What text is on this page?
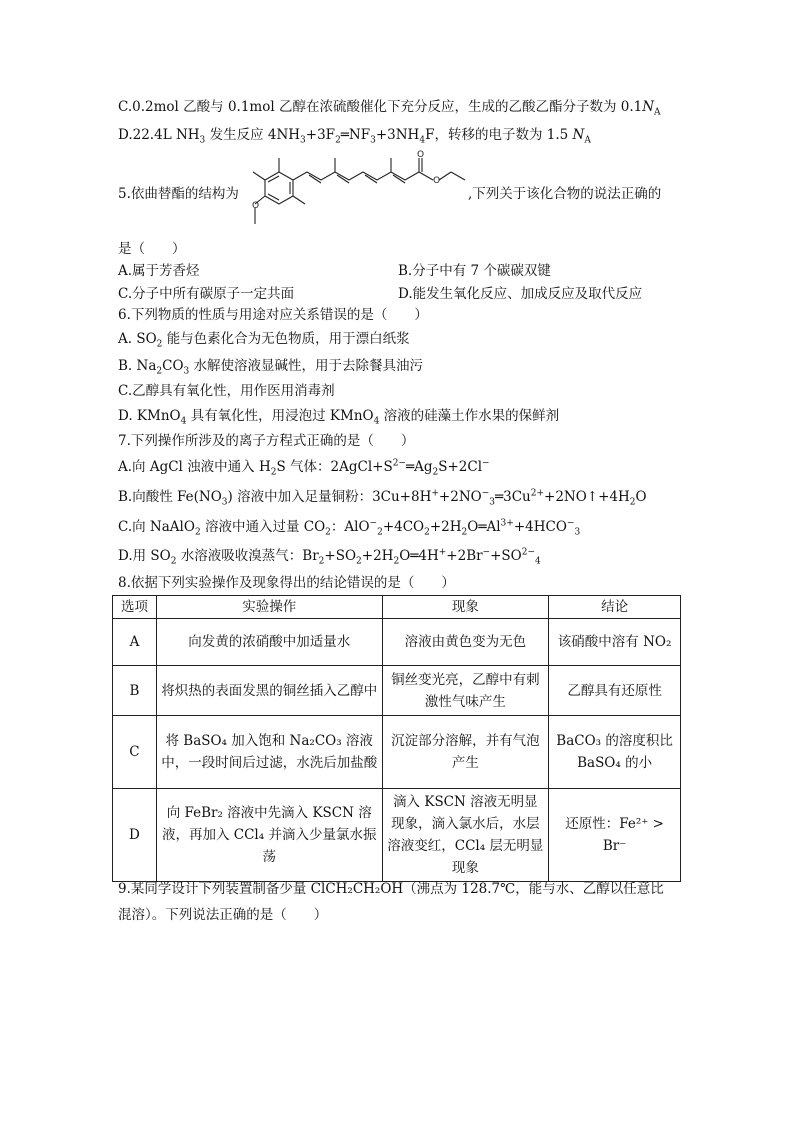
C.0.2mol 乙酸与 0.1mol 乙醇在浓硫酸催化下充分反应，生成的乙酸乙酯分子数为 $0.1N_A$
D.22.4L $NH_3$ 发生反应 $4NH_3+3F_2═NF_3+3NH_4F$，转移的电子数为 1.5 $N_A$
5.依曲替酯的结构为
O
O
O
,下列关于该化合物的说法正确的
是（　　）
A.属于芳香烃	B.分子中有 7 个碳碳双键
C.分子中所有碳原子一定共面	D.能发生氧化反应、加成反应及取代反应
6.下列物质的性质与用途对应关系错误的是（　　）
A. $SO_2$ 能与色素化合为无色物质，用于漂白纸浆
B. $Na_2CO_3$ 水解使溶液显碱性，用于去除餐具油污
C.乙醇具有氧化性，用作医用消毒剂
D. KMnO$_4$ 具有氧化性，用浸泡过 KMnO$_4$ 溶液的硅藻土作水果的保鲜剂
7.下列操作所涉及的离子方程式正确的是（　　）
A.向 AgCl 浊液中通入 $H_2S$ 气体：$2AgCl+S^{2-}═Ag_2S+2Cl^-$
B.向酸性 $Fe(NO_3)$ 溶液中加入足量铜粉：$3Cu+8H^++2NO^-_3═3Cu^{2+}+2NO↑+4H_2O$
C.向 NaAlO$_2$ 溶液中通入过量 $CO_2$：$AlO^-_2+4CO_2+2H_2O═Al^{3+}+4HCO^-_3$
D.用 $SO_2$ 水溶液吸收溴蒸气：$Br_2+SO_2+2H_2O═4H^++2Br^-+SO^{2-}_4$
8.依据下列实验操作及现象得出的结论错误的是（　　）
选项	实验操作	现象	结论
A	向发黄的浓硝酸中加适量水	溶液由黄色变为无色	该硝酸中溶有 NO₂
B	将炽热的表面发黑的铜丝插入乙醇中	铜丝变光亮，乙醇中有刺激性气味产生	乙醇具有还原性
C	将 BaSO₄ 加入饱和 Na₂CO₃ 溶液中，一段时间后过滤，水洗后加盐酸	沉淀部分溶解，并有气泡产生	BaCO₃ 的溶度积比 BaSO₄ 的小
D	向 FeBr₂ 溶液中先滴入 KSCN 溶液，再加入 CCl₄ 并滴入少量氯水振荡	滴入 KSCN 溶液无明显现象，滴入氯水后，水层溶液变红，CCl₄ 层无明显现象	还原性：Fe²⁺ > Br⁻
9.某同学设计下列装置制备少量 ClCH₂CH₂OH（沸点为 128.7℃，能与水、乙醇以任意比
混溶）。下列说法正确的是（　　）
